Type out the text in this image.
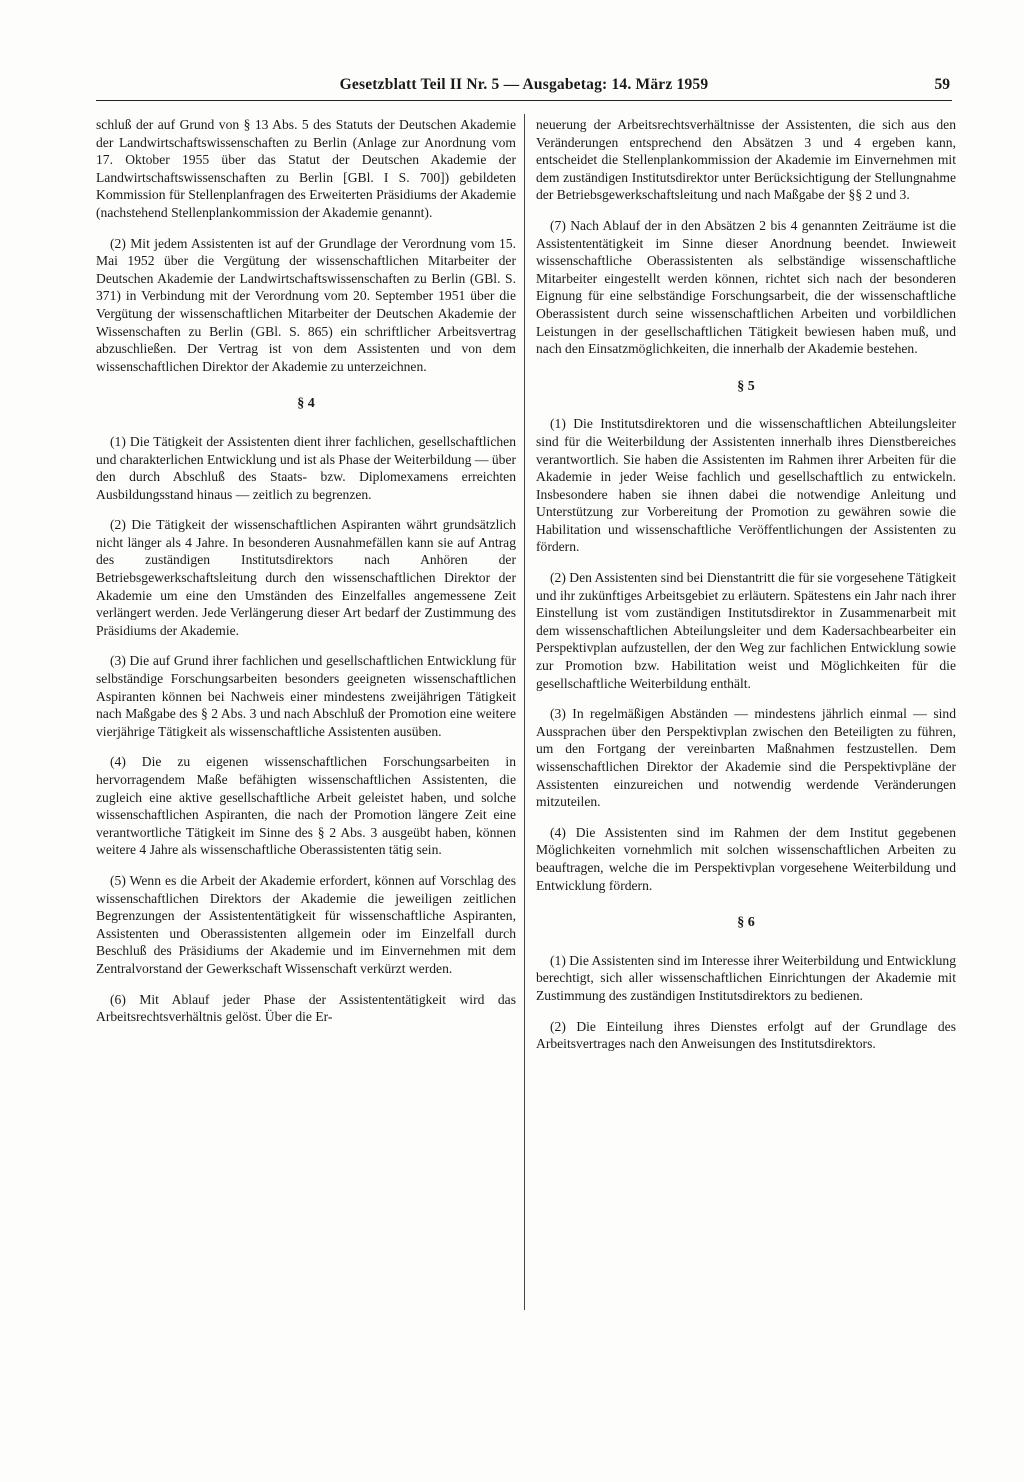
Gesetzblatt Teil II Nr. 5 — Ausgabetag: 14. März 1959	59

schluß der auf Grund von § 13 Abs. 5 des Statuts der Deutschen Akademie der Landwirtschaftswissenschaften zu Berlin (Anlage zur Anordnung vom 17. Oktober 1955 über das Statut der Deutschen Akademie der Landwirtschaftswissenschaften zu Berlin [GBl. I S. 700]) gebildeten Kommission für Stellenplanfragen des Erweiterten Präsidiums der Akademie (nachstehend Stellenplankommission der Akademie genannt).

(2) Mit jedem Assistenten ist auf der Grundlage der Verordnung vom 15. Mai 1952 über die Vergütung der wissenschaftlichen Mitarbeiter der Deutschen Akademie der Landwirtschaftswissenschaften zu Berlin (GBl. S. 371) in Verbindung mit der Verordnung vom 20. September 1951 über die Vergütung der wissenschaftlichen Mitarbeiter der Deutschen Akademie der Wissenschaften zu Berlin (GBl. S. 865) ein schriftlicher Arbeitsvertrag abzuschließen. Der Vertrag ist von dem Assistenten und von dem wissenschaftlichen Direktor der Akademie zu unterzeichnen.

§ 4

(1) Die Tätigkeit der Assistenten dient ihrer fachlichen, gesellschaftlichen und charakterlichen Entwicklung und ist als Phase der Weiterbildung — über den durch Abschluß des Staats- bzw. Diplomexamens erreichten Ausbildungsstand hinaus — zeitlich zu begrenzen.

(2) Die Tätigkeit der wissenschaftlichen Aspiranten währt grundsätzlich nicht länger als 4 Jahre. In besonderen Ausnahmefällen kann sie auf Antrag des zuständigen Institutsdirektors nach Anhören der Betriebsgewerkschaftsleitung durch den wissenschaftlichen Direktor der Akademie um eine den Umständen des Einzelfalles angemessene Zeit verlängert werden. Jede Verlängerung dieser Art bedarf der Zustimmung des Präsidiums der Akademie.

(3) Die auf Grund ihrer fachlichen und gesellschaftlichen Entwicklung für selbständige Forschungsarbeiten besonders geeigneten wissenschaftlichen Aspiranten können bei Nachweis einer mindestens zweijährigen Tätigkeit nach Maßgabe des § 2 Abs. 3 und nach Abschluß der Promotion eine weitere vierjährige Tätigkeit als wissenschaftliche Assistenten ausüben.

(4) Die zu eigenen wissenschaftlichen Forschungsarbeiten in hervorragendem Maße befähigten wissenschaftlichen Assistenten, die zugleich eine aktive gesellschaftliche Arbeit geleistet haben, und solche wissenschaftlichen Aspiranten, die nach der Promotion längere Zeit eine verantwortliche Tätigkeit im Sinne des § 2 Abs. 3 ausgeübt haben, können weitere 4 Jahre als wissenschaftliche Oberassistenten tätig sein.

(5) Wenn es die Arbeit der Akademie erfordert, können auf Vorschlag des wissenschaftlichen Direktors der Akademie die jeweiligen zeitlichen Begrenzungen der Assistententätigkeit für wissenschaftliche Aspiranten, Assistenten und Oberassistenten allgemein oder im Einzelfall durch Beschluß des Präsidiums der Akademie und im Einvernehmen mit dem Zentralvorstand der Gewerkschaft Wissenschaft verkürzt werden.

(6) Mit Ablauf jeder Phase der Assistententätigkeit wird das Arbeitsrechtsverhältnis gelöst. Über die Er-

neuerung der Arbeitsrechtsverhältnisse der Assistenten, die sich aus den Veränderungen entsprechend den Absätzen 3 und 4 ergeben kann, entscheidet die Stellenplankommission der Akademie im Einvernehmen mit dem zuständigen Institutsdirektor unter Berücksichtigung der Stellungnahme der Betriebsgewerkschaftsleitung und nach Maßgabe der §§ 2 und 3.

(7) Nach Ablauf der in den Absätzen 2 bis 4 genannten Zeiträume ist die Assistententätigkeit im Sinne dieser Anordnung beendet. Inwieweit wissenschaftliche Oberassistenten als selbständige wissenschaftliche Mitarbeiter eingestellt werden können, richtet sich nach der besonderen Eignung für eine selbständige Forschungsarbeit, die der wissenschaftliche Oberassistent durch seine wissenschaftlichen Arbeiten und vorbildlichen Leistungen in der gesellschaftlichen Tätigkeit bewiesen haben muß, und nach den Einsatzmöglichkeiten, die innerhalb der Akademie bestehen.

§ 5

(1) Die Institutsdirektoren und die wissenschaftlichen Abteilungsleiter sind für die Weiterbildung der Assistenten innerhalb ihres Dienstbereiches verantwortlich. Sie haben die Assistenten im Rahmen ihrer Arbeiten für die Akademie in jeder Weise fachlich und gesellschaftlich zu entwickeln. Insbesondere haben sie ihnen dabei die notwendige Anleitung und Unterstützung zur Vorbereitung der Promotion zu gewähren sowie die Habilitation und wissenschaftliche Veröffentlichungen der Assistenten zu fördern.

(2) Den Assistenten sind bei Dienstantritt die für sie vorgesehene Tätigkeit und ihr zukünftiges Arbeitsgebiet zu erläutern. Spätestens ein Jahr nach ihrer Einstellung ist vom zuständigen Institutsdirektor in Zusammenarbeit mit dem wissenschaftlichen Abteilungsleiter und dem Kadersachbearbeiter ein Perspektivplan aufzustellen, der den Weg zur fachlichen Entwicklung sowie zur Promotion bzw. Habilitation weist und Möglichkeiten für die gesellschaftliche Weiterbildung enthält.

(3) In regelmäßigen Abständen — mindestens jährlich einmal — sind Aussprachen über den Perspektivplan zwischen den Beteiligten zu führen, um den Fortgang der vereinbarten Maßnahmen festzustellen. Dem wissenschaftlichen Direktor der Akademie sind die Perspektivpläne der Assistenten einzureichen und notwendig werdende Veränderungen mitzuteilen.

(4) Die Assistenten sind im Rahmen der dem Institut gegebenen Möglichkeiten vornehmlich mit solchen wissenschaftlichen Arbeiten zu beauftragen, welche die im Perspektivplan vorgesehene Weiterbildung und Entwicklung fördern.

§ 6

(1) Die Assistenten sind im Interesse ihrer Weiterbildung und Entwicklung berechtigt, sich aller wissenschaftlichen Einrichtungen der Akademie mit Zustimmung des zuständigen Institutsdirektors zu bedienen.

(2) Die Einteilung ihres Dienstes erfolgt auf der Grundlage des Arbeitsvertrages nach den Anweisungen des Institutsdirektors.
